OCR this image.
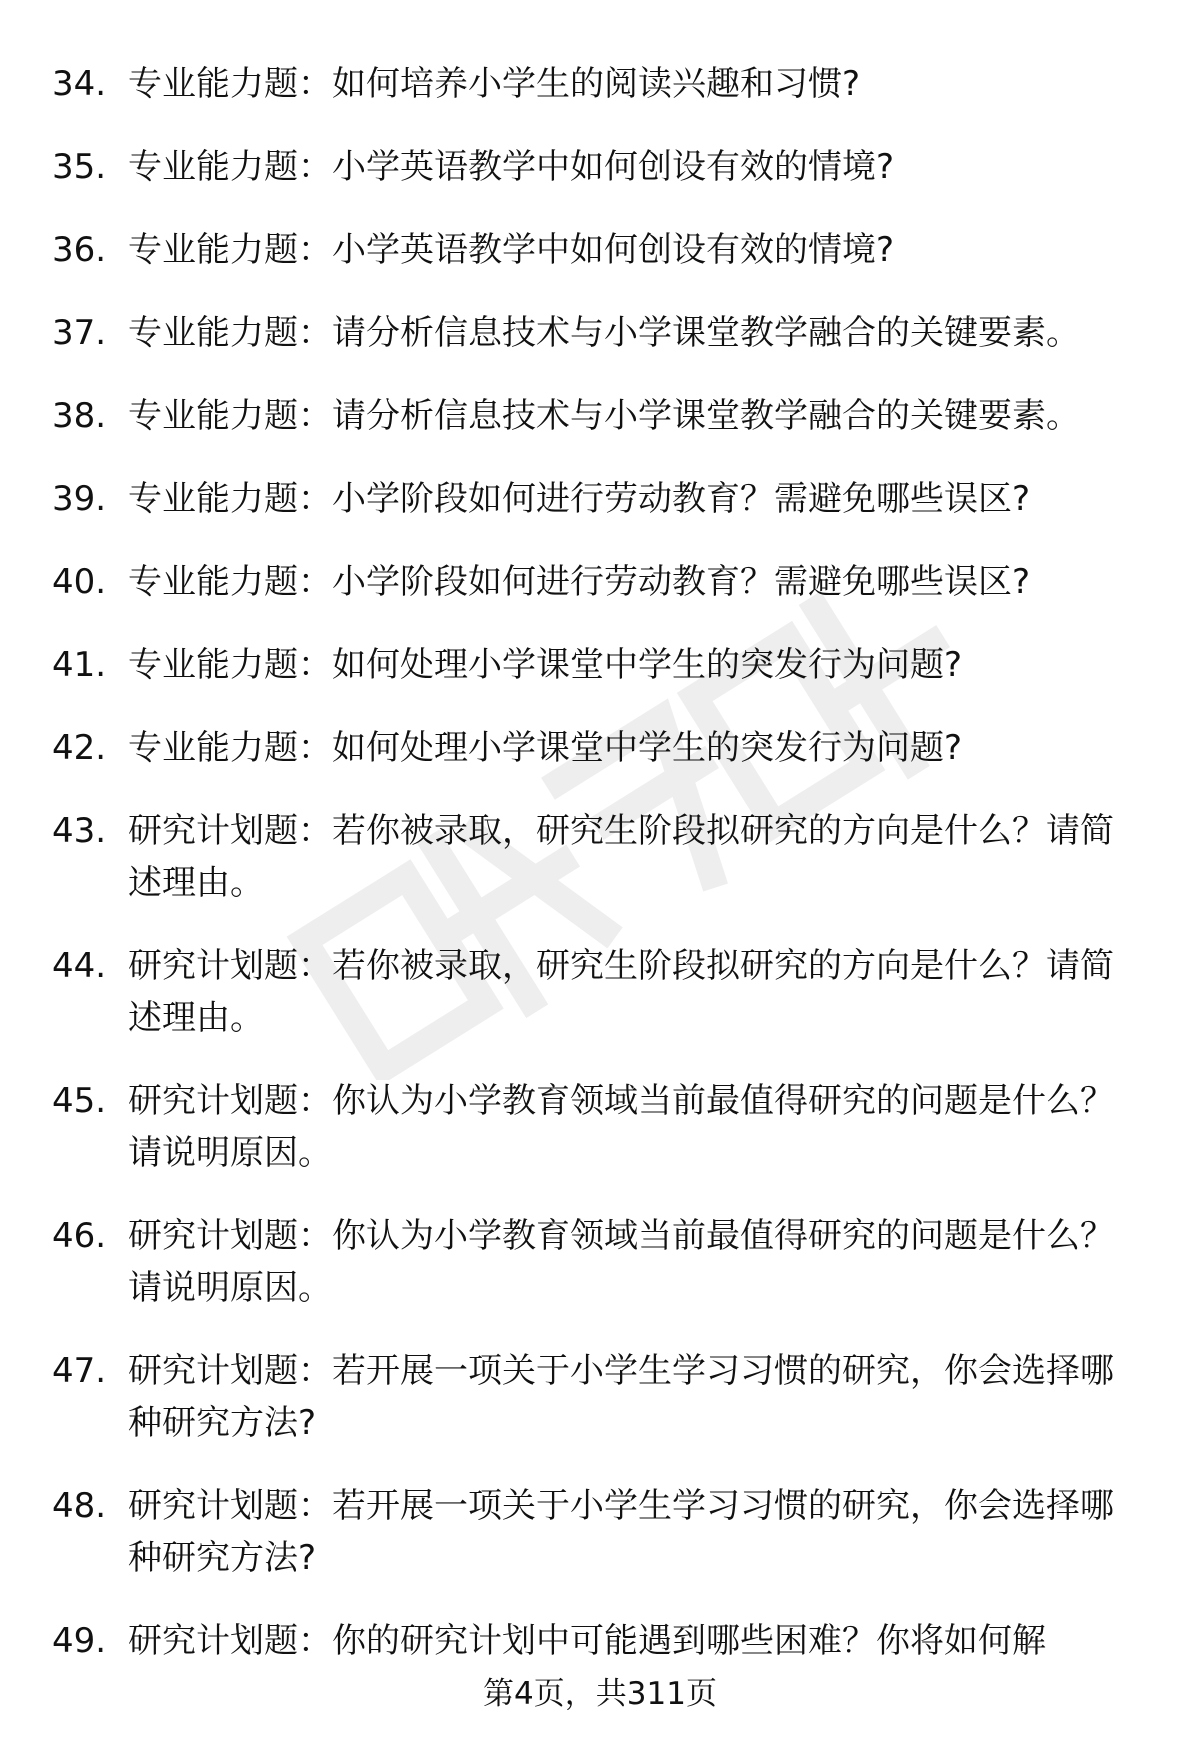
34. 专业能力题：如何培养小学生的阅读兴趣和习惯?
35. 专业能力题：小学英语教学中如何创设有效的情境?
36. 专业能力题：小学英语教学中如何创设有效的情境?
37. 专业能力题：请分析信息技术与小学课堂教学融合的关键要素。
38. 专业能力题：请分析信息技术与小学课堂教学融合的关键要素。
39. 专业能力题：小学阶段如何进行劳动教育？需避免哪些误区?
40. 专业能力题：小学阶段如何进行劳动教育？需避免哪些误区?
41. 专业能力题：如何处理小学课堂中学生的突发行为问题?
42. 专业能力题：如何处理小学课堂中学生的突发行为问题?
43. 研究计划题：若你被录取，研究生阶段拟研究的方向是什么？请简述理由。
44. 研究计划题：若你被录取，研究生阶段拟研究的方向是什么？请简述理由。
45. 研究计划题：你认为小学教育领域当前最值得研究的问题是什么？请说明原因。
46. 研究计划题：你认为小学教育领域当前最值得研究的问题是什么？请说明原因。
47. 研究计划题：若开展一项关于小学生学习习惯的研究，你会选择哪种研究方法?
48. 研究计划题：若开展一项关于小学生学习习惯的研究，你会选择哪种研究方法?
49. 研究计划题：你的研究计划中可能遇到哪些困难？你将如何解
第4页，共311页
